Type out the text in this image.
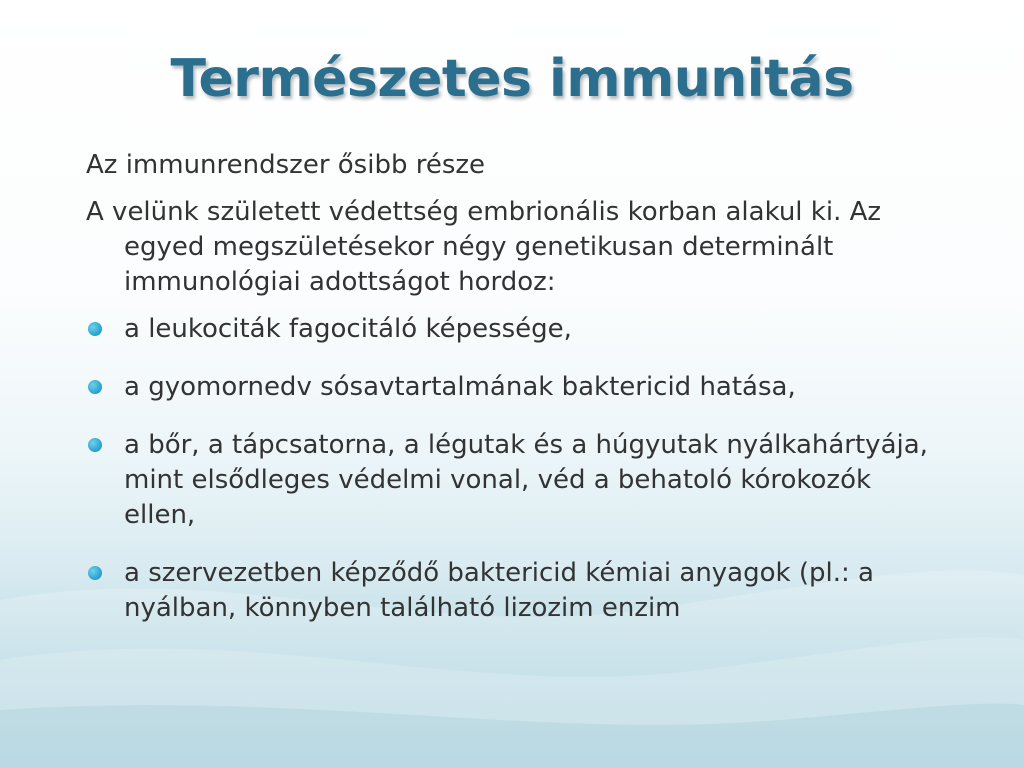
Természetes immunitás

Az immunrendszer ősibb része

A velünk született védettség embrionális korban alakul ki. Az egyed megszületésekor négy genetikusan determinált immunológiai adottságot hordoz:

a leukociták fagocitáló képessége,
a gyomornedv sósavtartalmának baktericid hatása,
a bőr, a tápcsatorna, a légutak és a húgyutak nyálkahártyája, mint elsődleges védelmi vonal, véd a behatoló kórokozók ellen,
a szervezetben képződő baktericid kémiai anyagok (pl.: a nyálban, könnyben található lizozim enzim
